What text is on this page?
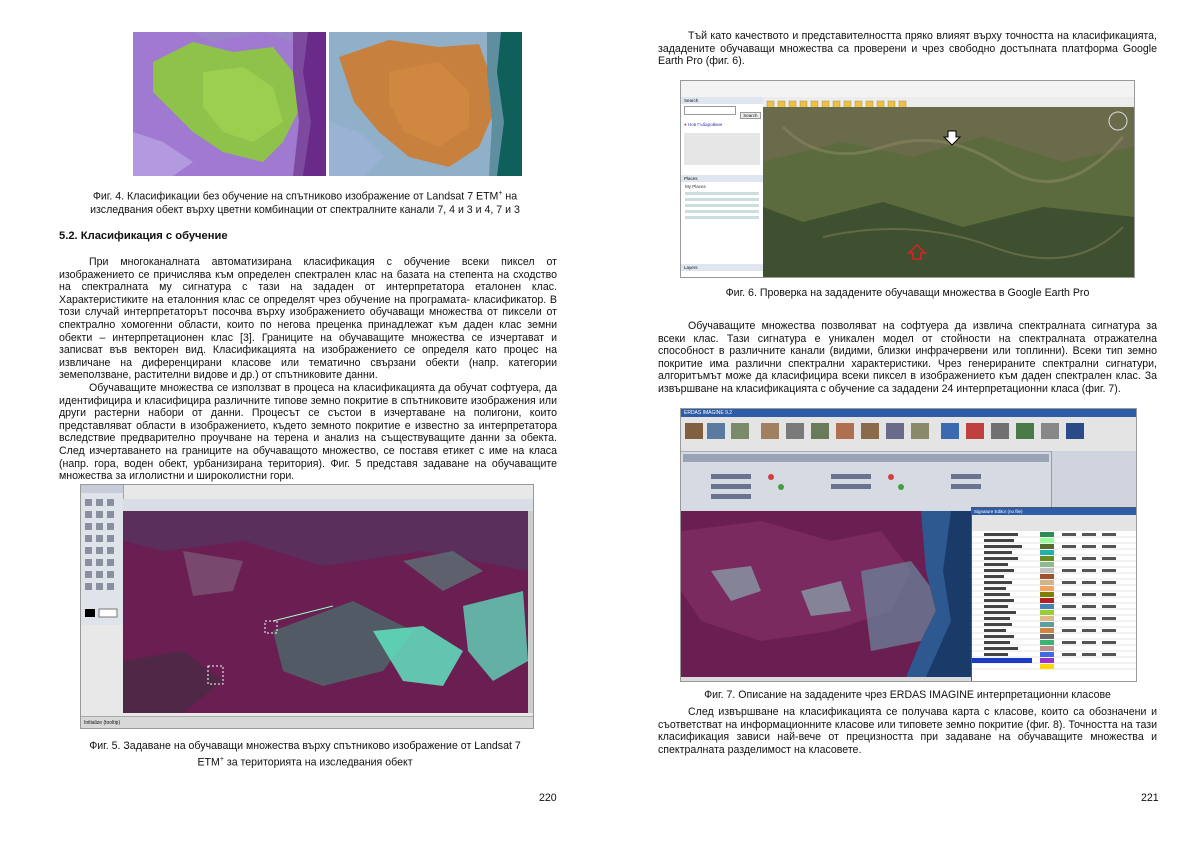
Фиг. 4. Класификации без обучение на спътниково изображение от Landsat 7 ETM+ на
изследвания обект върху цветни комбинации от спектралните канали 7, 4 и 3 и 4, 7 и 3
5.2. Класификация с обучение

При многоканалната автоматизирана класификация с обучение всеки пиксел от изображението се причислява към определен спектрален клас на базата на степента на сходство на спектралната му сигнатура с тази на зададен от интерпретатора еталонен клас. Характеристиките на еталонния клас се определят чрез обучение на програмата- класификатор. В този случай интерпретаторът посочва върху изображението обучаващи множества от пиксели от спектрално хомогенни области, които по негова преценка принадлежат към даден клас земни обекти – интерпретационен клас [3]. Границите на обучаващите множества се изчертават и записват във векторен вид. Класификацията на изображението се определя като процес на извличане на диференцирани класове или тематично свързани обекти (напр. категории земеползване, растителни видове и др.) от спътниковите данни.

Обучаващите множества се използват в процеса на класификацията да обучат софтуера, да идентифицира и класифицира различните типове земно покритие в спътниковите изображения или други растерни набори от данни. Процесът се състои в изчертаване на полигони, които представляват области в изображението, където земното покритие е известно за интерпретатора вследствие предварително проучване на терена и анализ на съществуващите данни за обекта. След изчертаването на границите на обучаващото множество, се поставя етикет с име на класа (напр. гора, воден обект, урбанизирана територия). Фиг. 5 представя задаване на обучаващите множества за иглолистни и широколистни гори.

Initialize (tooltip)
Фиг. 5. Задаване на обучаващи множества върху спътниково изображение от Landsat 7
ETM+ за територията на изследвания обект
220

Тъй като качеството и представителността пряко влияят върху точността на класификацията, зададените обучаващи множества са проверени и чрез свободно достъпната платформа Google Earth Pro (фиг. 6).

Search
Search
● Нов Гъбаройкин
Places
My Places
Layers
Фиг. 6. Проверка на зададените обучаващи множества в Google Earth Pro

Обучаващите множества позволяват на софтуера да извлича спектралната сигнатура за всеки клас. Тази сигнатура е уникален модел от стойности на спектралната отражателна способност в различните канали (видими, близки инфрачервени или топлинни). Всеки тип земно покритие има различни спектрални характеристики. Чрез генерираните спектрални сигнатури, алгоритъмът може да класифицира всеки пиксел в изображението към даден спектрален клас. За извършване на класификацията с обучение са зададени 24 интерпретационни класа (фиг. 7).

ERDAS IMAGINE 9.2
Signature Editor (no file)
Фиг. 7. Описание на зададените чрез ERDAS IMAGINE интерпретационни класове

След извършване на класификацията се получава карта с класове, които са обозначени и съответстват на информационните класове или типовете земно покритие (фиг. 8). Точността на тази класификация зависи най-вече от прецизността при задаване на обучаващите множества и спектралната разделимост на класовете.

221
